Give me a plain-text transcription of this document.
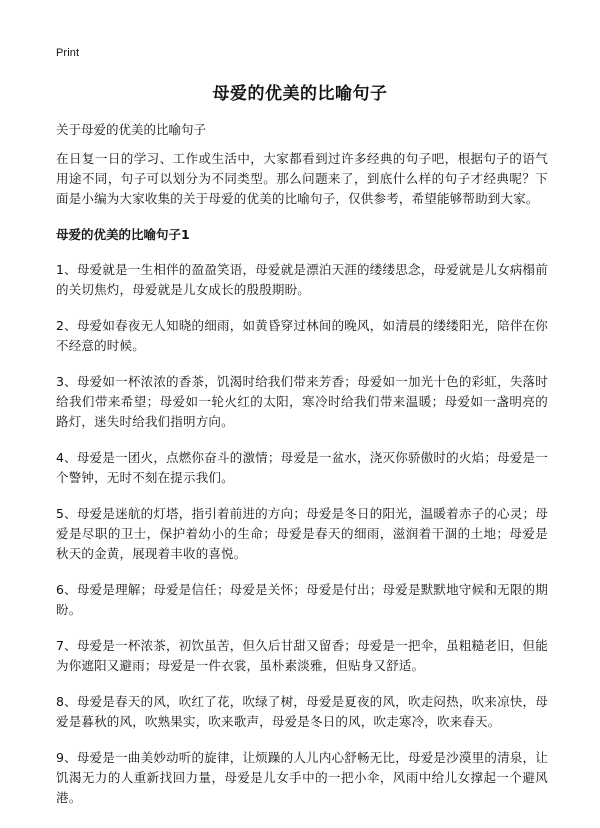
Print
母爱的优美的比喻句子

关于母爱的优美的比喻句子

在日复一日的学习、工作或生活中，大家都看到过许多经典的句子吧，根据句子的语气用途不同，句子可以划分为不同类型。那么问题来了，到底什么样的句子才经典呢？下面是小编为大家收集的关于母爱的优美的比喻句子，仅供参考，希望能够帮助到大家。

母爱的优美的比喻句子1

1、母爱就是一生相伴的盈盈笑语，母爱就是漂泊天涯的缕缕思念，母爱就是儿女病榻前的关切焦灼，母爱就是儿女成长的殷殷期盼。

2、母爱如春夜无人知晓的细雨，如黄昏穿过林间的晚风，如清晨的缕缕阳光，陪伴在你不经意的时候。

3、母爱如一杯浓浓的香茶，饥渴时给我们带来芳香；母爱如一加光十色的彩虹，失落时给我们带来希望；母爱如一轮火红的太阳，寒冷时给我们带来温暖；母爱如一盏明亮的路灯，迷失时给我们指明方向。

4、母爱是一团火，点燃你奋斗的激情；母爱是一盆水，浇灭你骄傲时的火焰；母爱是一个警钟，无时不刻在提示我们。

5、母爱是迷航的灯塔，指引着前进的方向；母爱是冬日的阳光，温暖着赤子的心灵；母爱是尽职的卫士，保护着幼小的生命；母爱是春天的细雨，滋润着干涸的土地；母爱是秋天的金黄，展现着丰收的喜悦。

6、母爱是理解；母爱是信任；母爱是关怀；母爱是付出；母爱是默默地守候和无限的期盼。

7、母爱是一杯浓茶，初饮虽苦，但久后甘甜又留香；母爱是一把伞，虽粗糙老旧，但能为你遮阳又避雨；母爱是一件衣裳，虽朴素淡雅，但贴身又舒适。

8、母爱是春天的风，吹红了花，吹绿了树，母爱是夏夜的风，吹走闷热，吹来凉快，母爱是暮秋的风，吹熟果实，吹来歌声，母爱是冬日的风，吹走寒冷，吹来春天。

9、母爱是一曲美妙动听的旋律，让烦躁的人儿内心舒畅无比，母爱是沙漠里的清泉，让饥渴无力的人重新找回力量，母爱是儿女手中的一把小伞，风雨中给儿女撑起一个避风港。
